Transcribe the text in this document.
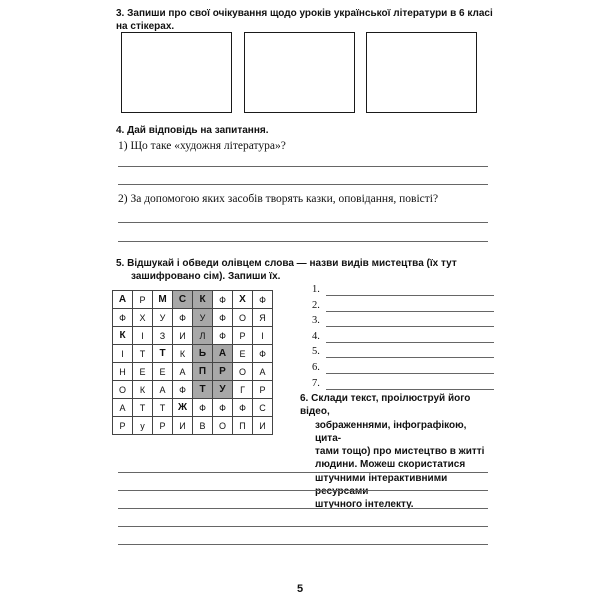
3. Запиши про свої очікування щодо уроків української літератури в 6 класі
на стікерах.
4. Дай відповідь на запитання.
1) Що таке «художня література»?
2) За допомогою яких засобів творять казки, оповідання, повісті?
5. Відшукай і обведи олівцем слова — назви видів мистецтва (їх тут
зашифровано сім). Запиши їх.
А	Р	М	С	К	Ф	Х	Ф
Ф	Х	У	Ф	У	Ф	О	Я
К	І	З	И	Л	Ф	Р	І
І	Т	Т	К	Ь	А	Е	Ф
Н	Е	Е	А	П	Р	О	А
О	К	А	Ф	Т	У	Г	Р
А	Т	Т	Ж	Ф	Ф	Ф	С
Р	у	Р	И	В	О	П	И
1.
2.
3.
4.
5.
6.
7.
6. Склади текст, проілюструй його відео,
зображеннями, інфографікою, цита-
тами тощо) про мистецтво в житті
людини. Можеш скористатися
штучними інтерактивними ресурсами
штучного інтелекту.
5
